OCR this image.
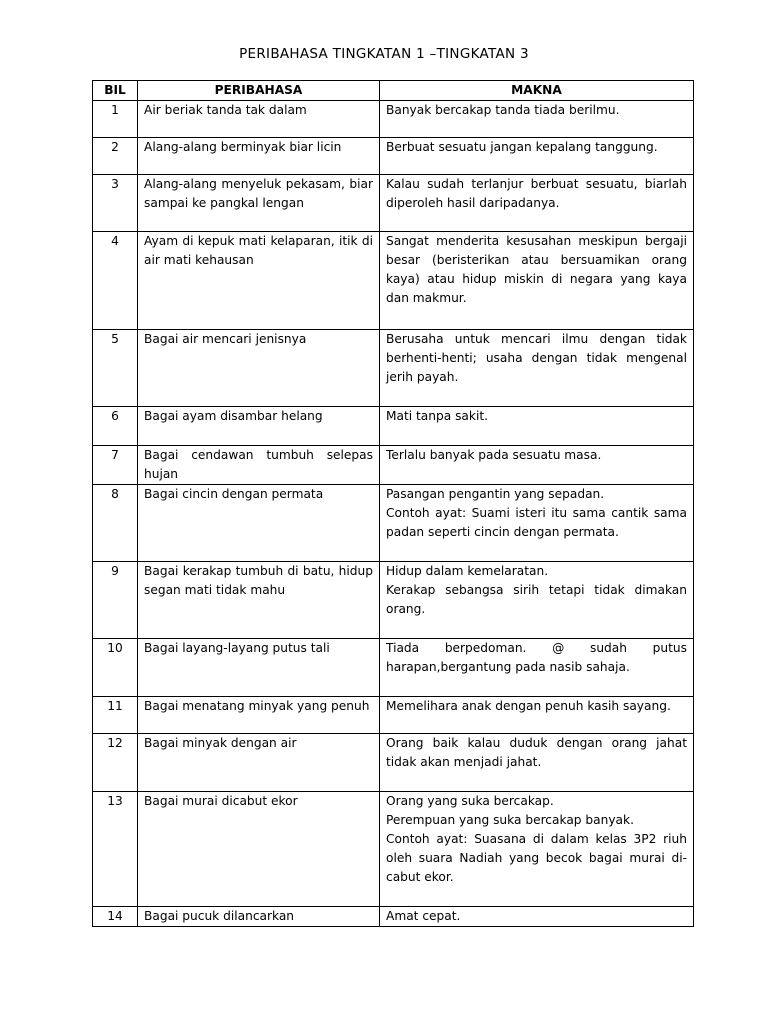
PERIBAHASA TINGKATAN 1 –TINGKATAN 3
BIL	PERIBAHASA	MAKNA
1	Air beriak tanda tak dalam	Banyak bercakap tanda tiada berilmu.

2	Alang-alang berminyak biar licin	Berbuat sesuatu jangan kepalang tanggung.

3	Alang-alang menyeluk pekasam, biar sampai ke pangkal lengan	Kalau sudah terlanjur berbuat sesuatu, biarlah diperoleh hasil daripadanya.

4	Ayam di kepuk mati kelaparan, itik di air mati kehausan	Sangat menderita kesusahan meskipun bergaji besar (beristerikan atau bersuamikan orang kaya) atau hidup miskin di negara yang kaya dan makmur.

5	Bagai air mencari jenisnya	Berusaha untuk mencari ilmu dengan tidak berhenti-henti; usaha dengan tidak mengenal jerih payah.

6	Bagai ayam disambar helang	Mati tanpa sakit.

7	Bagai cendawan tumbuh selepas hujan	Terlalu banyak pada sesuatu masa.

8	Bagai cincin dengan permata	Pasangan pengantin yang sepadan.
Contoh ayat: Suami isteri itu sama cantik sama padan seperti cincin dengan permata.

9	Bagai kerakap tumbuh di batu, hidup segan mati tidak mahu	Hidup dalam kemelaratan.
Kerakap sebangsa sirih tetapi tidak dimakan orang.

10	Bagai layang-layang putus tali	Tiada berpedoman. @ sudah putus harapan,bergantung pada nasib sahaja.

11	Bagai menatang minyak yang penuh	Memelihara anak dengan penuh kasih sayang.

12	Bagai minyak dengan air	Orang baik kalau duduk dengan orang jahat tidak akan menjadi jahat.

13	Bagai murai dicabut ekor	Orang yang suka bercakap.
Perempuan yang suka bercakap banyak.
Contoh ayat: Suasana di dalam kelas 3P2 riuh oleh suara Nadiah yang becok bagai murai di-cabut ekor.

14	Bagai pucuk dilancarkan	Amat cepat.
